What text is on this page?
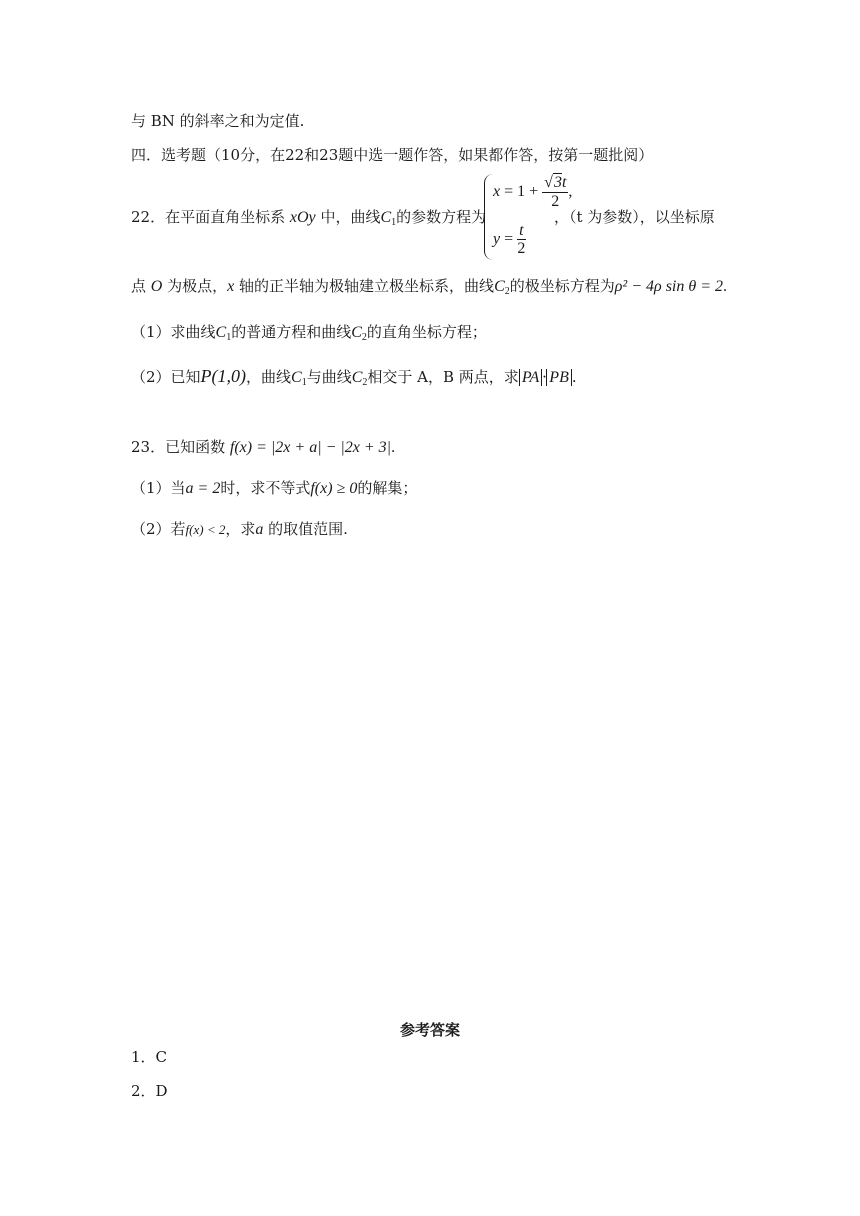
与 BN 的斜率之和为定值.
四．选考题（10分，在22和23题中选一题作答，如果都作答，按第一题批阅）
22．在平面直角坐标系 xOy 中，曲线$C_1$的参数方程为
$x = 1 + \frac{√3t}{2}$ ,
$y = \frac{t}{2}$
，（t 为参数），以坐标原
点 O 为极点，x 轴的正半轴为极轴建立极坐标系，曲线$C_2$的极坐标方程为ρ² − 4ρ sin θ = 2.
（1）求曲线$C_1$的普通方程和曲线$C_2$的直角坐标方程；
（2）已知P(1,0)，曲线$C_1$与曲线$C_2$相交于 A，B 两点，求 PA · PB .
23．已知函数 f(x) = |2x + a| − |2x + 3|.
（1）当a = 2时，求不等式f(x) ≥ 0的解集；
（2）若f(x) < 2，求a 的取值范围.
参考答案
1．C
2．D
